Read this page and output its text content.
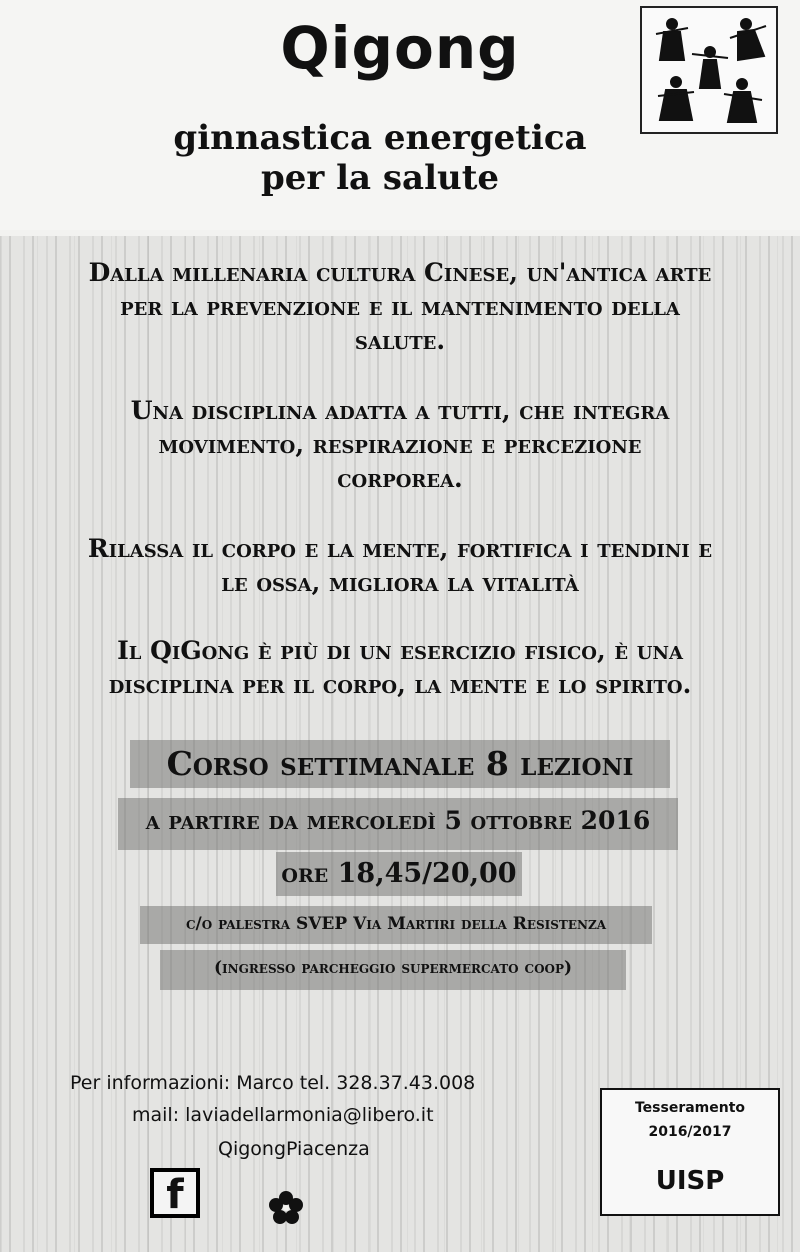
Qigong
ginnastica energetica
per la salute
Dalla millenaria cultura Cinese, un'antica arte
per la prevenzione e il mantenimento della
salute.
Una disciplina adatta a tutti, che integra
movimento, respirazione e percezione
corporea.
Rilassa il corpo e la mente, fortifica i tendini e
le ossa, migliora la vitalità
Il QiGong è più di un esercizio fisico, è una
disciplina per il corpo, la mente e lo spirito.
Corso settimanale 8 lezioni
a partire da mercoledì 5 ottobre 2016
ore 18,45/20,00
c/o palestra SVEP Via Martiri della Resistenza
(ingresso parcheggio supermercato coop)
Per informazioni: Marco tel. 328.37.43.008
mail: laviadellarmonia@libero.it
QigongPiacenza
f
Tesseramento
2016/2017
UISP
